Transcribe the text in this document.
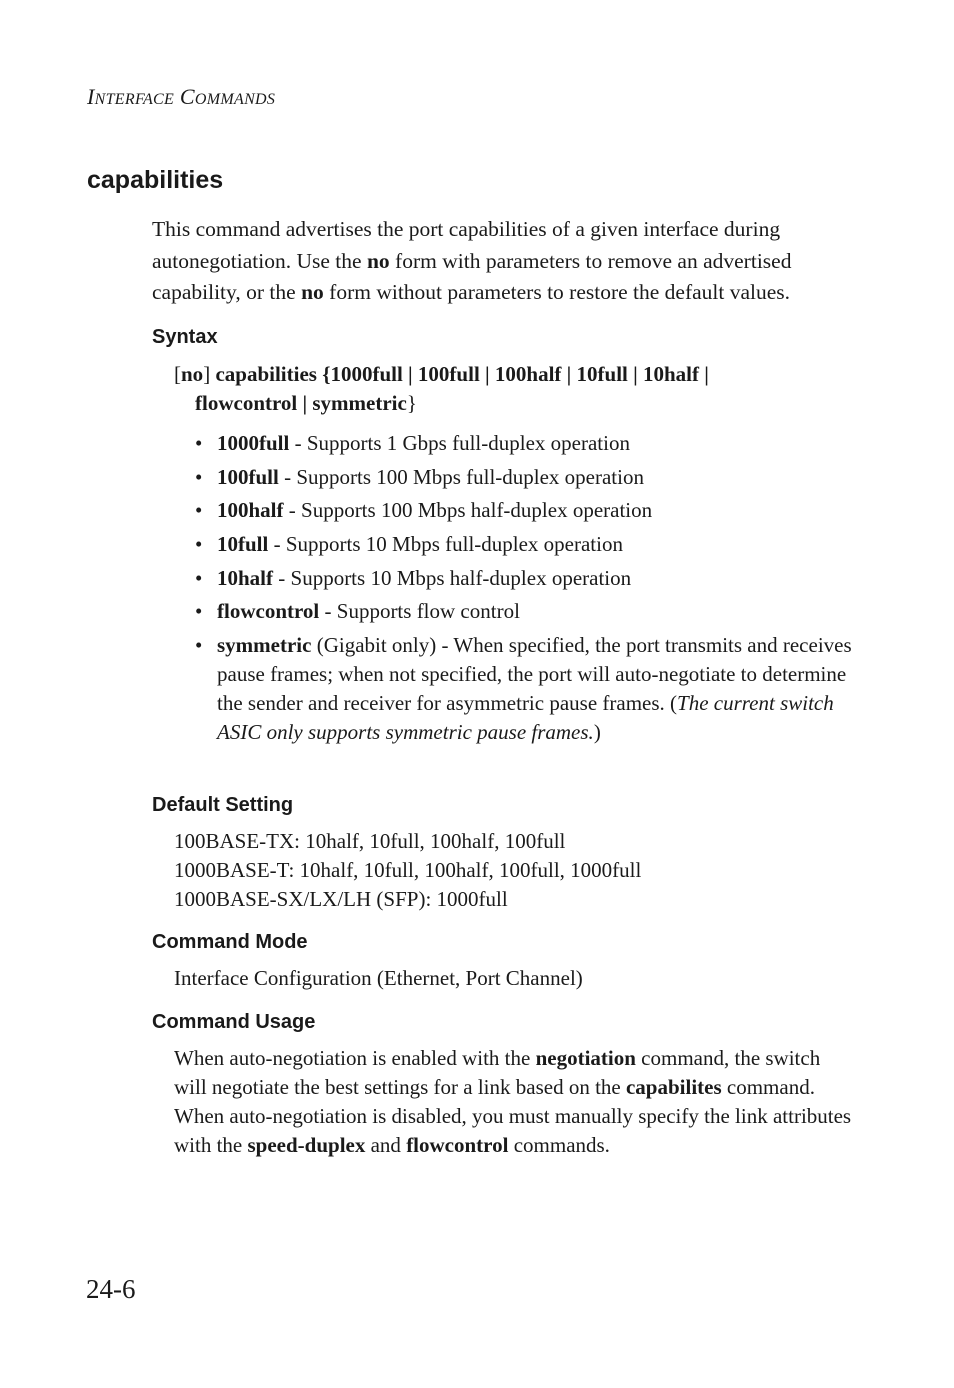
INTERFACE COMMANDS
capabilities
This command advertises the port capabilities of a given interface during autonegotiation. Use the no form with parameters to remove an advertised capability, or the no form without parameters to restore the default values.
Syntax
[no] capabilities {1000full | 100full | 100half | 10full | 10half |
flowcontrol | symmetric}
• 1000full - Supports 1 Gbps full-duplex operation
• 100full - Supports 100 Mbps full-duplex operation
• 100half - Supports 100 Mbps half-duplex operation
• 10full - Supports 10 Mbps full-duplex operation
• 10half - Supports 10 Mbps half-duplex operation
• flowcontrol - Supports flow control
• symmetric (Gigabit only) - When specified, the port transmits and receives pause frames; when not specified, the port will auto-negotiate to determine the sender and receiver for asymmetric pause frames. (The current switch ASIC only supports symmetric pause frames.)
Default Setting
100BASE-TX: 10half, 10full, 100half, 100full
1000BASE-T: 10half, 10full, 100half, 100full, 1000full
1000BASE-SX/LX/LH (SFP): 1000full
Command Mode
Interface Configuration (Ethernet, Port Channel)
Command Usage
When auto-negotiation is enabled with the negotiation command, the switch will negotiate the best settings for a link based on the capabilites command. When auto-negotiation is disabled, you must manually specify the link attributes with the speed-duplex and flowcontrol commands.
24-6
